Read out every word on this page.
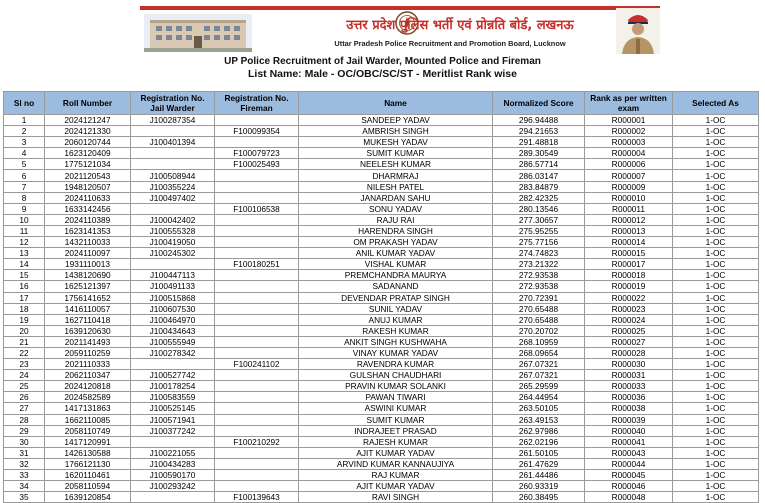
उत्तर प्रदेश पुलिस भर्ती एवं प्रोन्नति बोर्ड, लखनऊ
Uttar Pradesh Police Recruitment and Promotion Board, Lucknow
UP Police Recruitment of Jail Warder, Mounted Police and Fireman
List Name: Male - OC/OBC/SC/ST - Meritlist Rank wise
Sl no	Roll Number	Registration No. Jail Warder	Registration No. Fireman	Name	Normalized Score	Rank as per written exam	Selected As
1	2024121247	J100287354		SANDEEP YADAV	296.94488	R000001	1-OC
2	2024121330		F100099354	AMBRISH SINGH	294.21653	R000002	1-OC
3	2060120744	J100401394		MUKESH YADAV	291.48818	R000003	1-OC
4	1623120409		F100079723	SUMIT KUMAR	289.30549	R000004	1-OC
5	1775121034		F100025493	NEELESH KUMAR	286.57714	R000006	1-OC
6	2021120543	J100508944		DHARMRAJ	286.03147	R000007	1-OC
7	1948120507	J100355224		NILESH PATEL	283.84879	R000009	1-OC
8	2024110633	J100497402		JANARDAN SAHU	282.42325	R000010	1-OC
9	1633142456		F100106538	SONU YADAV	280.13546	R000011	1-OC
10	2024110389	J100042402		RAJU RAI	277.30657	R000012	1-OC
11	1623141353	J100555328		HARENDRA SINGH	275.95255	R000013	1-OC
12	1432110033	J100419050		OM PRAKASH YADAV	275.77156	R000014	1-OC
13	2024110097	J100245302		ANIL KUMAR YADAV	274.74823	R000015	1-OC
14	1931110013		F100180251	VISHAL KUMAR	273.21322	R000017	1-OC
15	1438120690	J100447113		PREMCHANDRA MAURYA	272.93538	R000018	1-OC
16	1625121397	J100491133		SADANAND	272.93538	R000019	1-OC
17	1756141652	J100515868		DEVENDAR PRATAP SINGH	270.72391	R000022	1-OC
18	1416110057	J100607530		SUNIL YADAV	270.65488	R000023	1-OC
19	1627110418	J100464970		ANUJ KUMAR	270.65488	R000024	1-OC
20	1639120630	J100434643		RAKESH KUMAR	270.20702	R000025	1-OC
21	2021141493	J100555949		ANKIT SINGH KUSHWAHA	268.10959	R000027	1-OC
22	2059110259	J100278342		VINAY KUMAR YADAV	268.09654	R000028	1-OC
23	2021110333		F100241102	RAVENDRA KUMAR	267.07321	R000030	1-OC
24	2062110347	J100527742		GULSHAN CHAUDHARI	267.07321	R000031	1-OC
25	2024120818	J100178254		PRAVIN KUMAR SOLANKI	265.29599	R000033	1-OC
26	2024582589	J100583559		PAWAN TIWARI	264.44954	R000036	1-OC
27	1417131863	J100525145		ASWINI KUMAR	263.50105	R000038	1-OC
28	1662110085	J100571941		SUMIT KUMAR	263.49153	R000039	1-OC
29	2058110749	J100377242		INDRAJEET PRASAD	262.97986	R000040	1-OC
30	1417120991		F100210292	RAJESH KUMAR	262.02196	R000041	1-OC
31	1426130588	J100221055		AJIT KUMAR YADAV	261.50105	R000043	1-OC
32	1766121130	J100434283		ARVIND KUMAR KANNAUJIYA	261.47629	R000044	1-OC
33	1620110461	J100590170		RAJ KUMAR	261.44486	R000045	1-OC
34	2058110594	J100293242		AJIT KUMAR YADAV	260.93319	R000046	1-OC
35	1639120854		F100139643	RAVI SINGH	260.38495	R000048	1-OC
